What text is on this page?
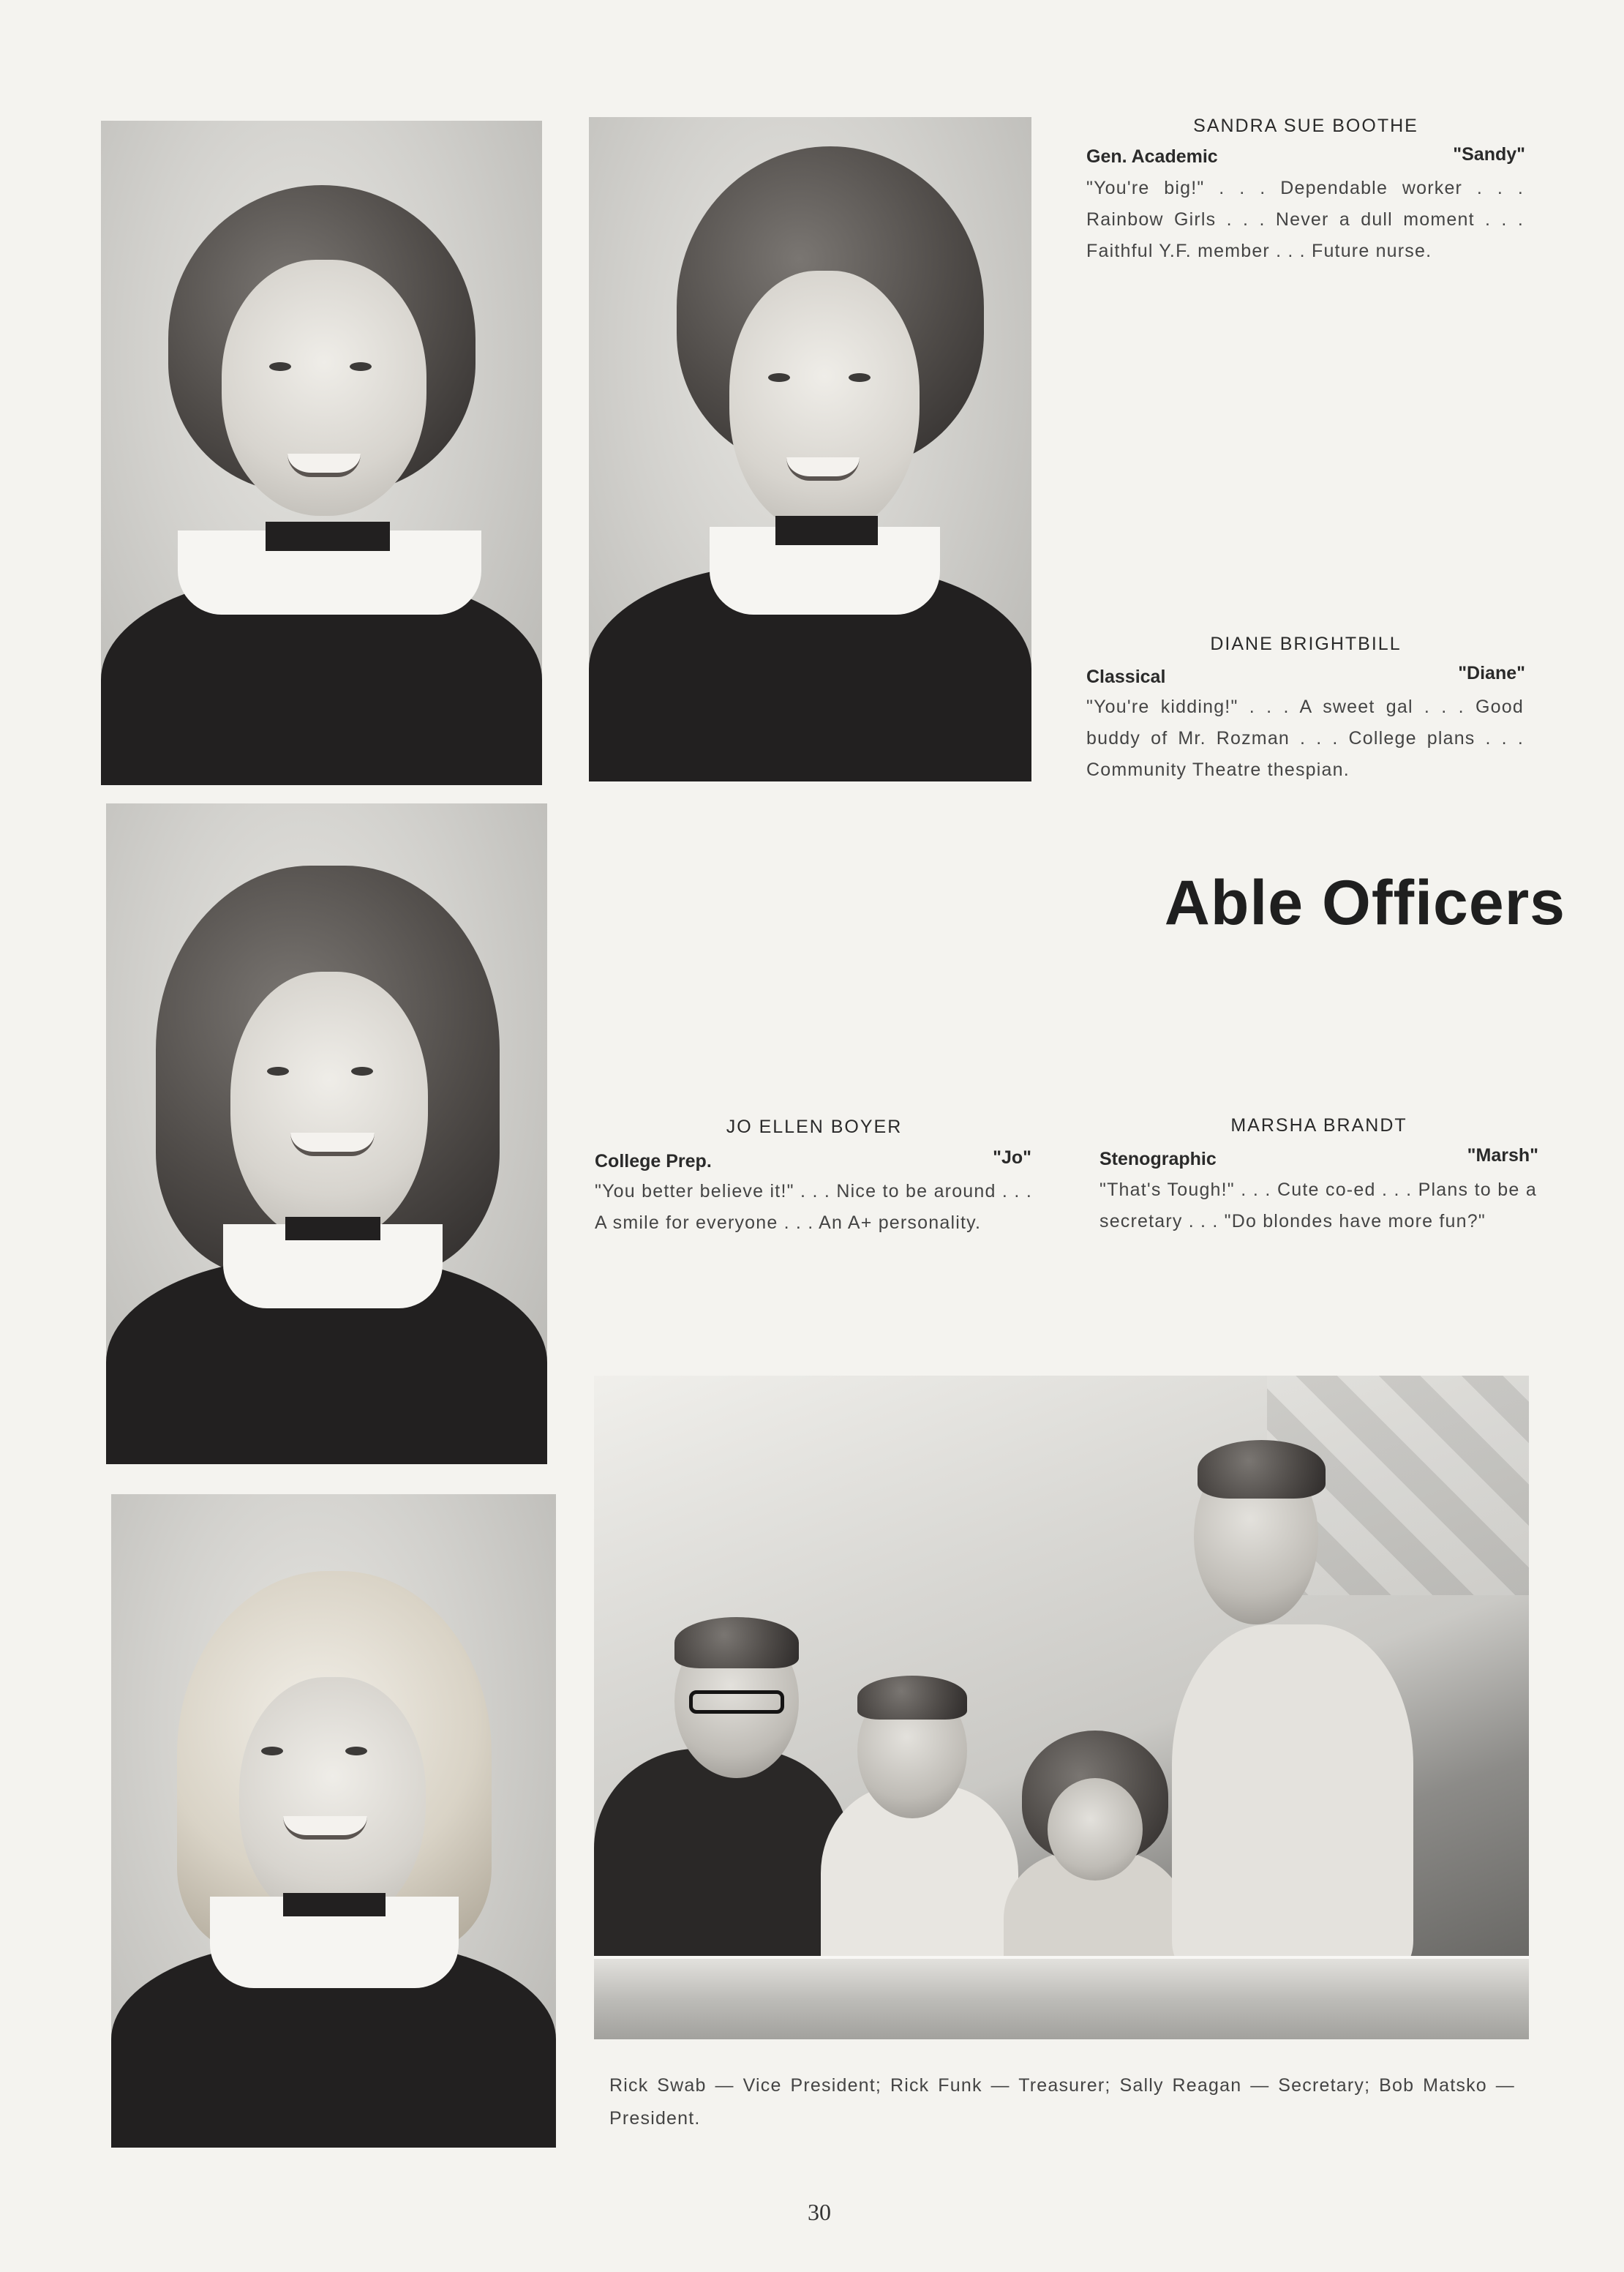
SANDRA SUE BOOTHE
Gen. Academic	"Sandy"
"You're big!" . . . Dependable worker . . . Rainbow Girls . . . Never a dull moment . . . Faithful Y.F. member . . . Future nurse.
DIANE BRIGHTBILL
Classical	"Diane"
"You're kidding!" . . . A sweet gal . . . Good buddy of Mr. Rozman . . . College plans . . . Community Theatre thespian.
Able Officers
JO ELLEN BOYER
College Prep.	"Jo"
"You better believe it!" . . . Nice to be around . . . A smile for everyone . . . An A+ personality.
MARSHA BRANDT
Stenographic	"Marsh"
"That's Tough!" . . . Cute co-ed . . . Plans to be a secretary . . . "Do blondes have more fun?"
Rick Swab — Vice President; Rick Funk — Treasurer; Sally Reagan — Secretary; Bob Matsko — President.
30
